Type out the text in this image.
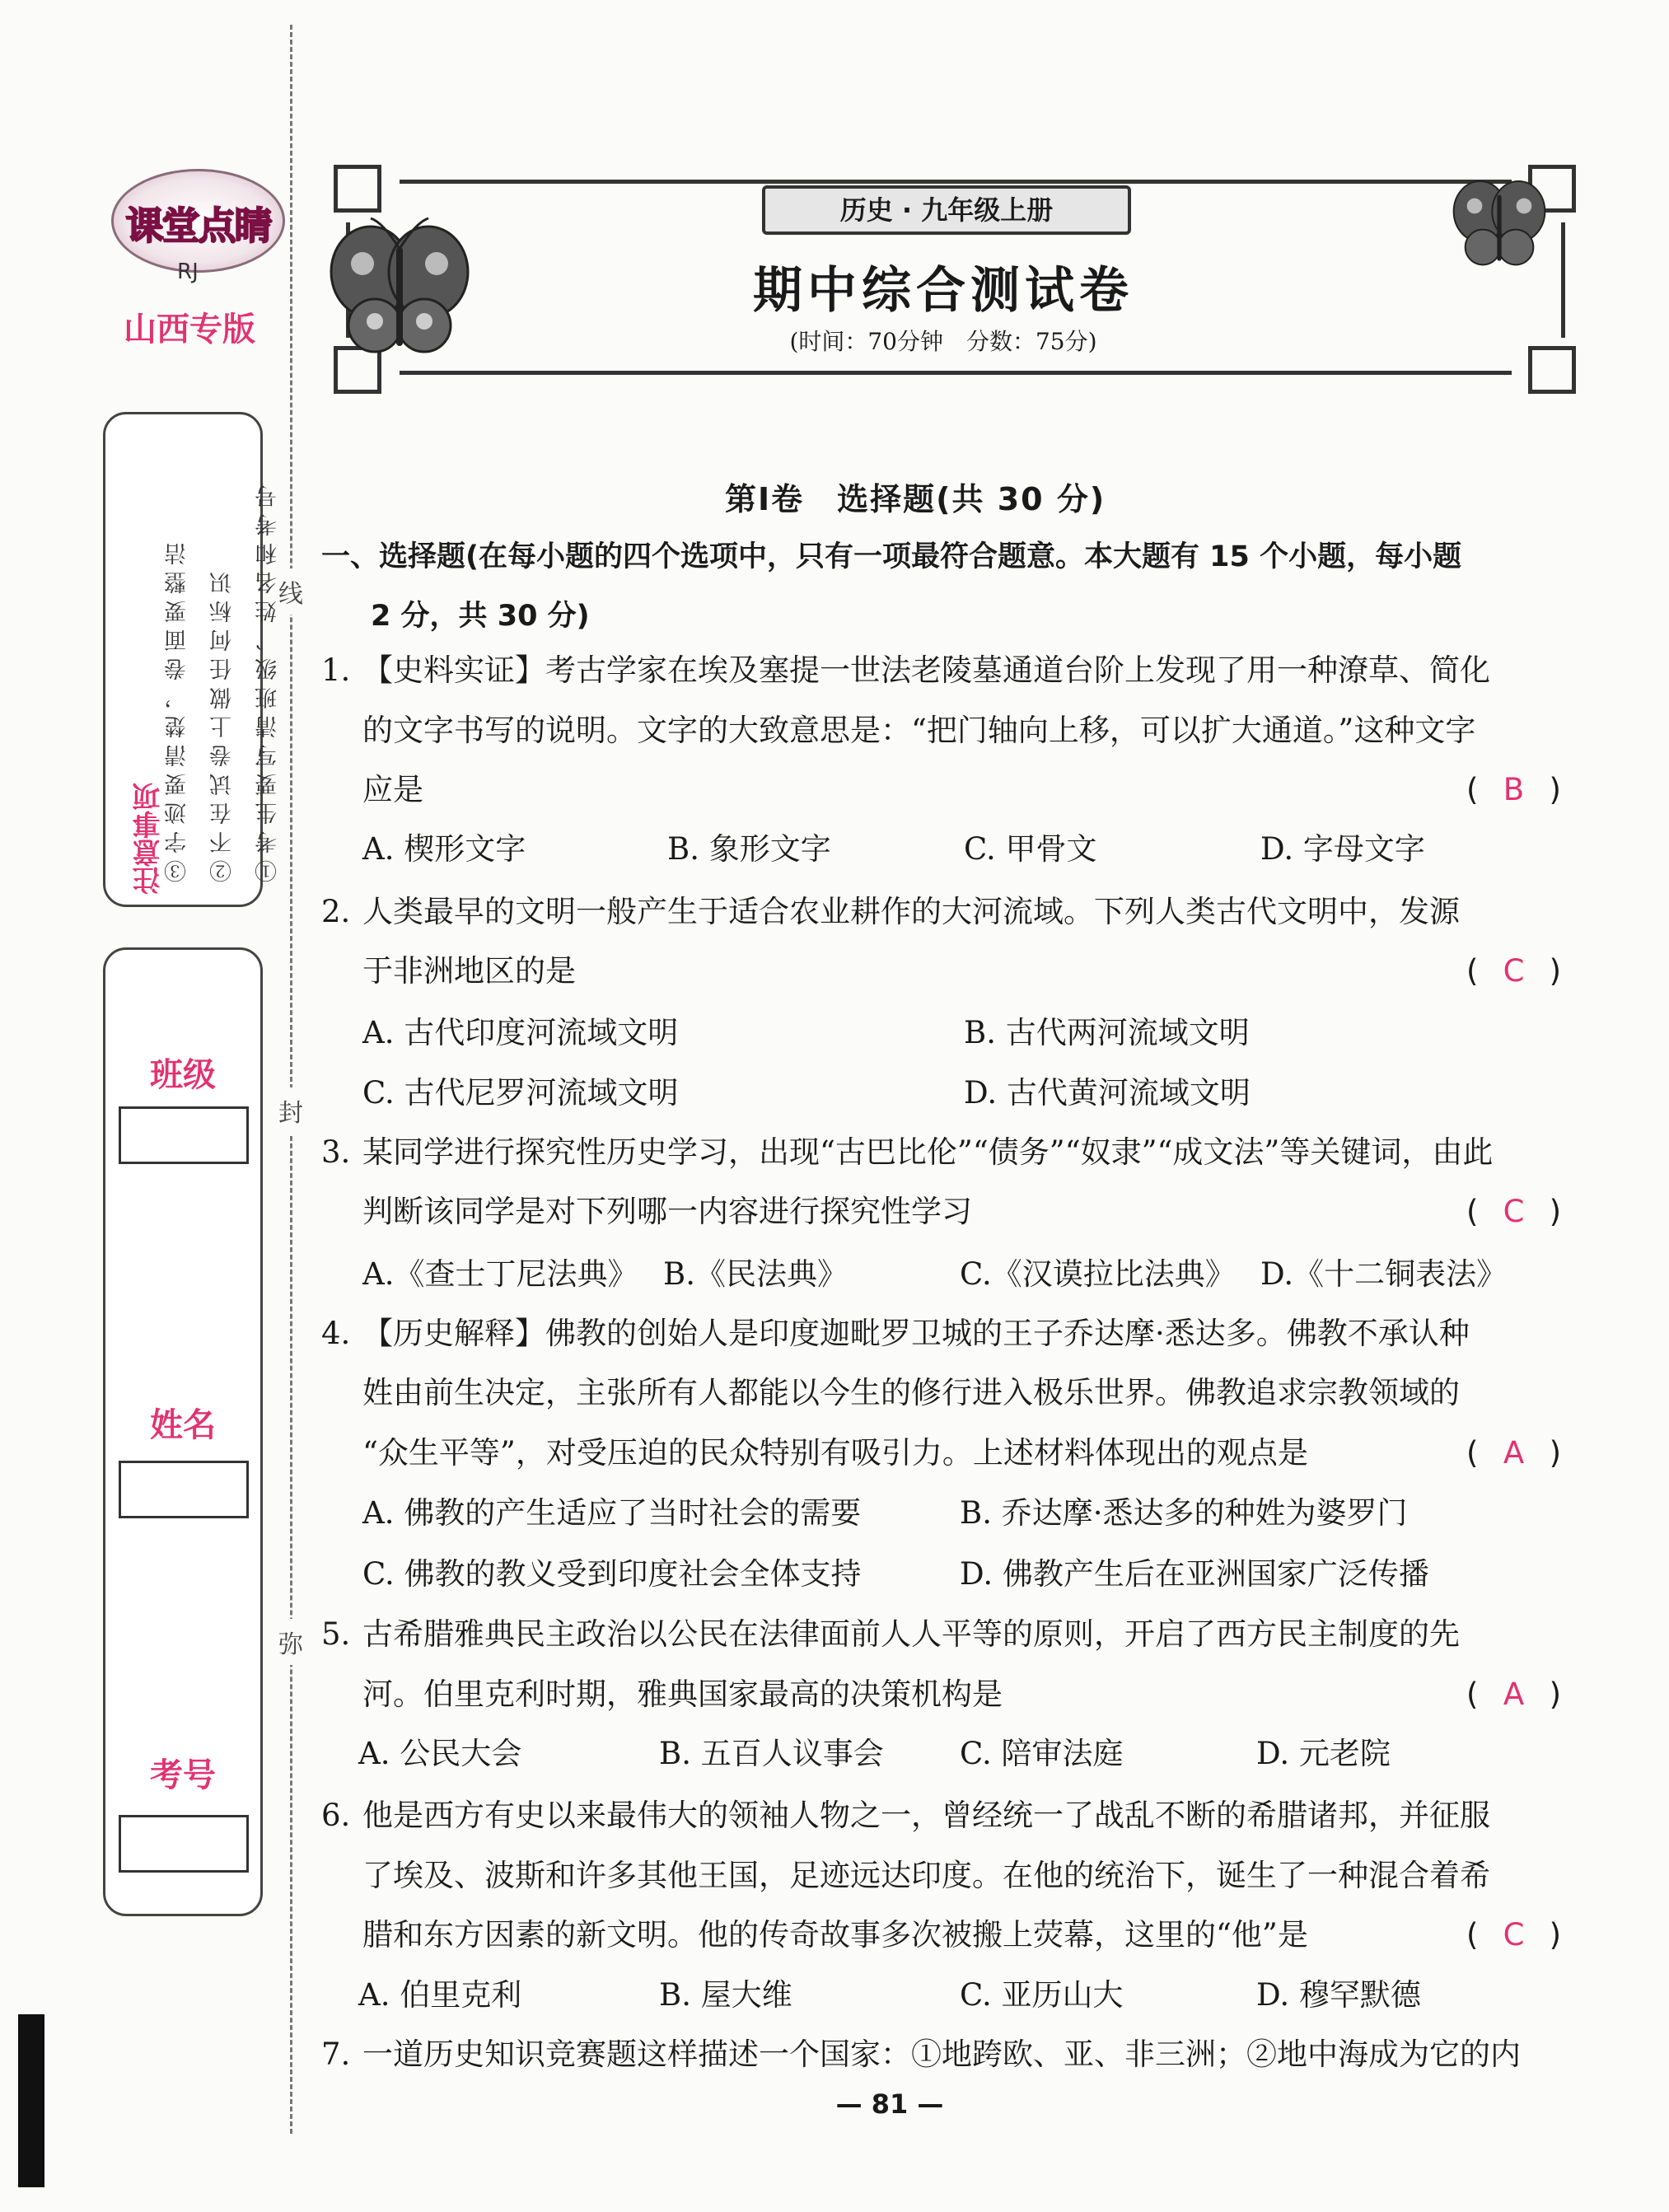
线
封
弥
课堂点睛
RJ
山西专版
注意事项	①考生要写清班级、姓名和考号
②不在试卷上做任何标识
③字迹要清楚，卷面要整洁
班级
姓名
考号
历史 · 九年级上册
期中综合测试卷
(时间：70分钟　分数：75分)
第Ⅰ卷　选择题(共 30 分)
一、选择题(在每小题的四个选项中，只有一项最符合题意。本大题有 15 个小题，每小题
2 分，共 30 分)
1. 【史料实证】考古学家在埃及塞提一世法老陵墓通道台阶上发现了用一种潦草、简化
的文字书写的说明。文字的大致意思是：“把门轴向上移，可以扩大通道。”这种文字
应是	( B )
A. 楔形文字	B. 象形文字	C. 甲骨文	D. 字母文字
2. 人类最早的文明一般产生于适合农业耕作的大河流域。下列人类古代文明中，发源
于非洲地区的是	( C )
A. 古代印度河流域文明	B. 古代两河流域文明
C. 古代尼罗河流域文明	D. 古代黄河流域文明
3. 某同学进行探究性历史学习，出现“古巴比伦”“债务”“奴隶”“成文法”等关键词，由此
判断该同学是对下列哪一内容进行探究性学习	( C )
A.《查士丁尼法典》 B.《民法典》	C.《汉谟拉比法典》 D.《十二铜表法》
4. 【历史解释】佛教的创始人是印度迦毗罗卫城的王子乔达摩·悉达多。佛教不承认种
姓由前生决定，主张所有人都能以今生的修行进入极乐世界。佛教追求宗教领域的
“众生平等”，对受压迫的民众特别有吸引力。上述材料体现出的观点是	( A )
A. 佛教的产生适应了当时社会的需要	B. 乔达摩·悉达多的种姓为婆罗门
C. 佛教的教义受到印度社会全体支持	D. 佛教产生后在亚洲国家广泛传播
5. 古希腊雅典民主政治以公民在法律面前人人平等的原则，开启了西方民主制度的先
河。伯里克利时期，雅典国家最高的决策机构是	( A )
A. 公民大会	B. 五百人议事会 C. 陪审法庭	D. 元老院
6. 他是西方有史以来最伟大的领袖人物之一，曾经统一了战乱不断的希腊诸邦，并征服
了埃及、波斯和许多其他王国，足迹远达印度。在他的统治下，诞生了一种混合着希
腊和东方因素的新文明。他的传奇故事多次被搬上荧幕，这里的“他”是	( C )
A. 伯里克利	B. 屋大维	C. 亚历山大	D. 穆罕默德
7. 一道历史知识竞赛题这样描述一个国家：①地跨欧、亚、非三洲；②地中海成为它的内
— 81 —
